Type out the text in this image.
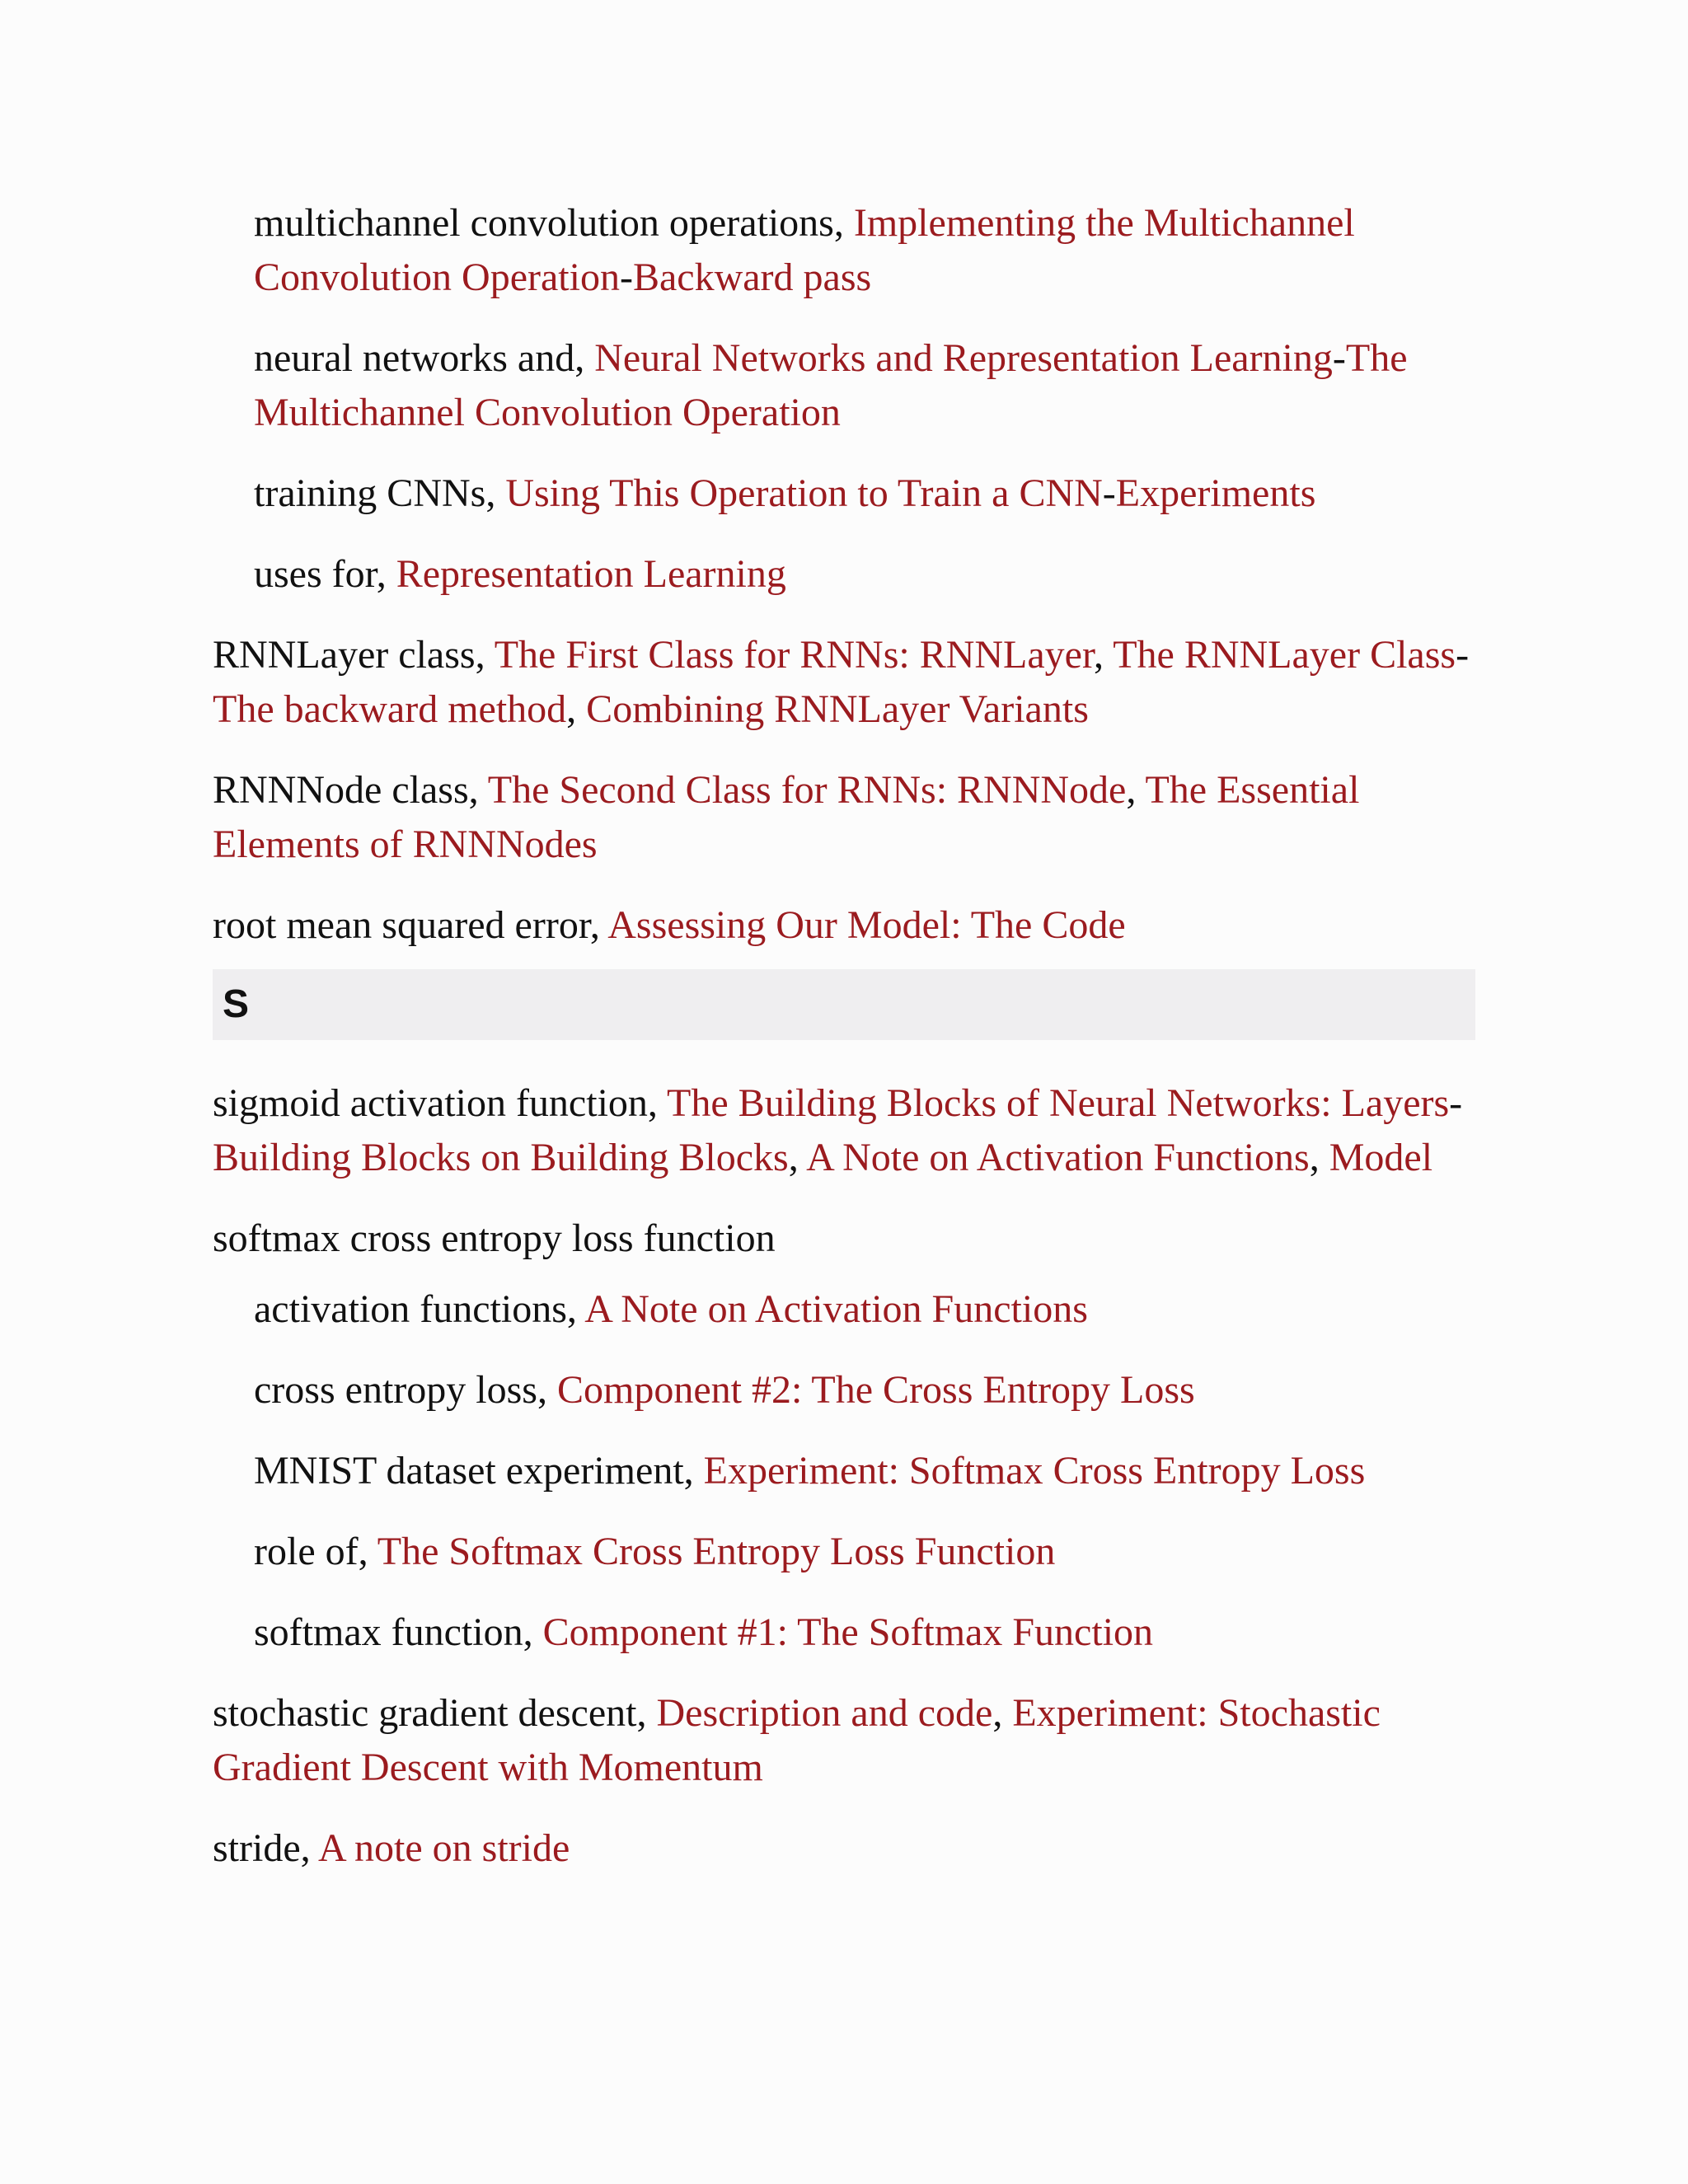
multichannel convolution operations, Implementing the Multichannel Convolution Operation-Backward pass

neural networks and, Neural Networks and Representation Learning-The Multichannel Convolution Operation

training CNNs, Using This Operation to Train a CNN-Experiments

uses for, Representation Learning

RNNLayer class, The First Class for RNNs: RNNLayer, The RNNLayer Class-The backward method, Combining RNNLayer Variants

RNNNode class, The Second Class for RNNs: RNNNode, The Essential Elements of RNNNodes

root mean squared error, Assessing Our Model: The Code

S

sigmoid activation function, The Building Blocks of Neural Networks: Layers-Building Blocks on Building Blocks, A Note on Activation Functions, Model

softmax cross entropy loss function

activation functions, A Note on Activation Functions

cross entropy loss, Component #2: The Cross Entropy Loss

MNIST dataset experiment, Experiment: Softmax Cross Entropy Loss

role of, The Softmax Cross Entropy Loss Function

softmax function, Component #1: The Softmax Function

stochastic gradient descent, Description and code, Experiment: Stochastic Gradient Descent with Momentum

stride, A note on stride
